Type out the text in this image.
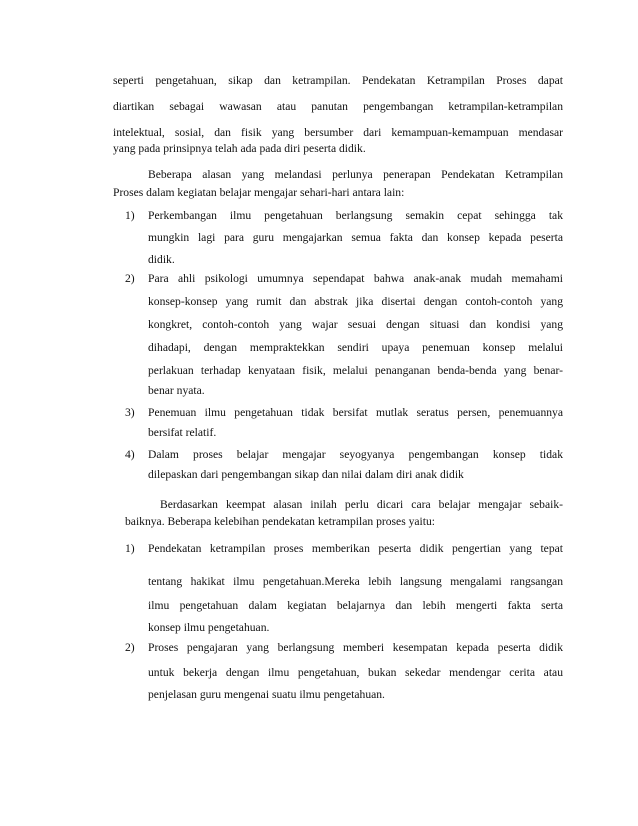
seperti pengetahuan, sikap dan ketrampilan. Pendekatan Ketrampilan Proses dapat
diartikan sebagai wawasan atau panutan pengembangan ketrampilan-ketrampilan
intelektual, sosial, dan fisik yang bersumber dari kemampuan-kemampuan mendasar
yang pada prinsipnya telah ada pada diri peserta didik.
Beberapa alasan yang melandasi perlunya penerapan Pendekatan Ketrampilan
Proses dalam kegiatan belajar mengajar sehari-hari antara lain:
1) Perkembangan ilmu pengetahuan berlangsung semakin cepat sehingga tak
mungkin lagi para guru mengajarkan semua fakta dan konsep kepada peserta
didik.
2) Para ahli psikologi umumnya sependapat bahwa anak-anak mudah memahami
konsep-konsep yang rumit dan abstrak jika disertai dengan contoh-contoh yang
kongkret, contoh-contoh yang wajar sesuai dengan situasi dan kondisi yang
dihadapi, dengan mempraktekkan sendiri upaya penemuan konsep melalui
perlakuan terhadap kenyataan fisik, melalui penanganan benda-benda yang benar-
benar nyata.
3) Penemuan ilmu pengetahuan tidak bersifat mutlak seratus persen, penemuannya
bersifat relatif.
4) Dalam proses belajar mengajar seyogyanya pengembangan konsep tidak
dilepaskan dari pengembangan sikap dan nilai dalam diri anak didik
Berdasarkan keempat alasan inilah perlu dicari cara belajar mengajar sebaik-
baiknya. Beberapa kelebihan pendekatan ketrampilan proses yaitu:
1) Pendekatan ketrampilan proses memberikan peserta didik pengertian yang tepat
tentang hakikat ilmu pengetahuan.Mereka lebih langsung mengalami rangsangan
ilmu pengetahuan dalam kegiatan belajarnya dan lebih mengerti fakta serta
konsep ilmu pengetahuan.
2) Proses pengajaran yang berlangsung memberi kesempatan kepada peserta didik
untuk bekerja dengan ilmu pengetahuan, bukan sekedar mendengar cerita atau
penjelasan guru mengenai suatu ilmu pengetahuan.
